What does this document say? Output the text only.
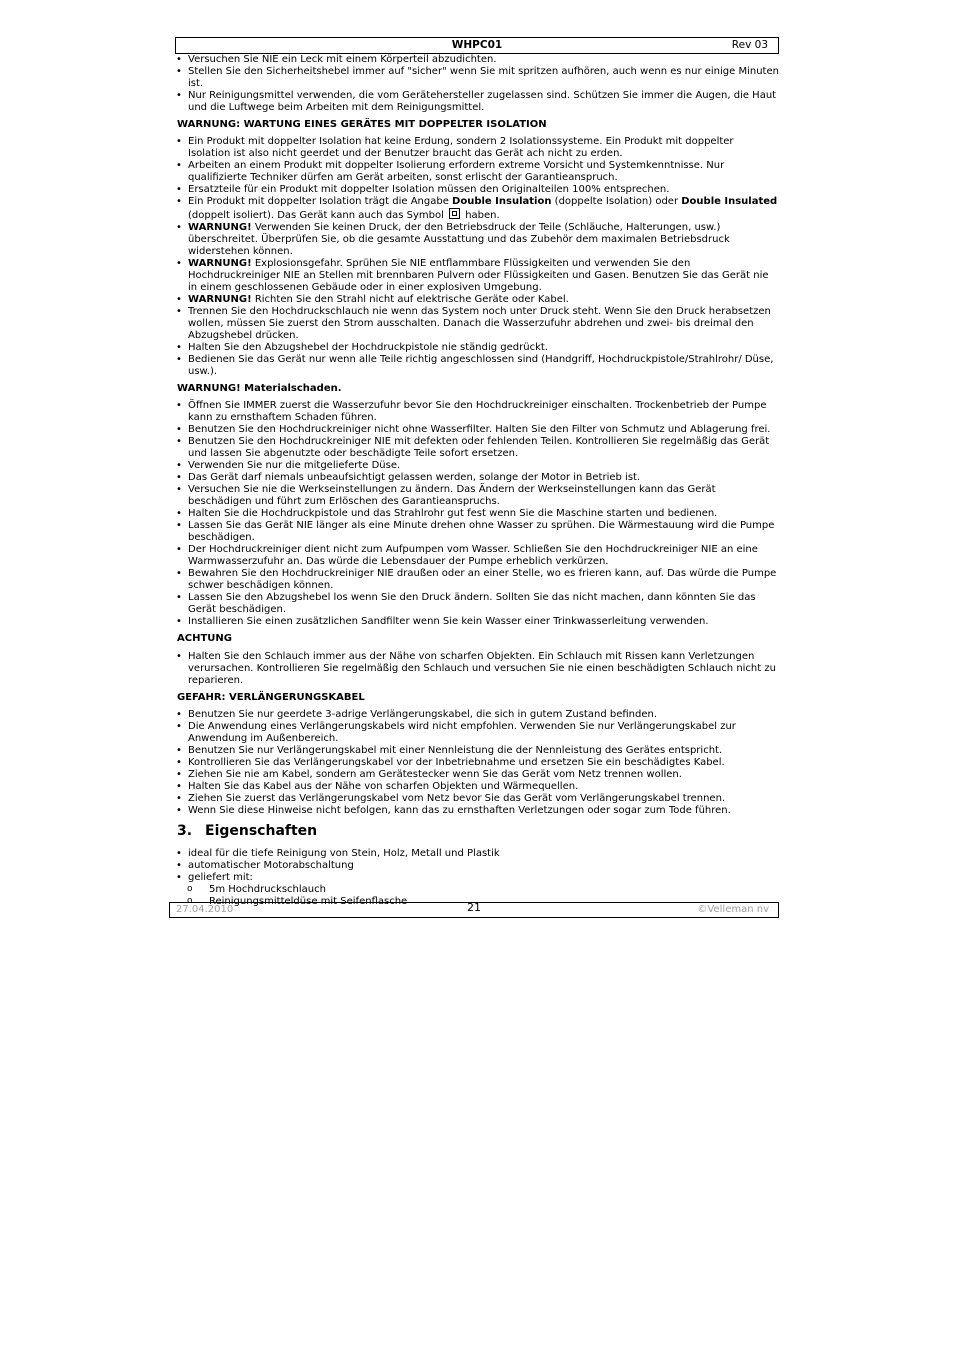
WHPC01	Rev 03
• Versuchen Sie NIE ein Leck mit einem Körperteil abzudichten.
• Stellen Sie den Sicherheitshebel immer auf "sicher" wenn Sie mit spritzen aufhören, auch wenn es nur einige Minuten ist.
• Nur Reinigungsmittel verwenden, die vom Gerätehersteller zugelassen sind. Schützen Sie immer die Augen, die Haut und die Luftwege beim Arbeiten mit dem Reinigungsmittel.
WARNUNG: WARTUNG EINES GERÄTES MIT DOPPELTER ISOLATION
• Ein Produkt mit doppelter Isolation hat keine Erdung, sondern 2 Isolationssysteme. Ein Produkt mit doppelter Isolation ist also nicht geerdet und der Benutzer braucht das Gerät ach nicht zu erden.
• Arbeiten an einem Produkt mit doppelter Isolierung erfordern extreme Vorsicht und Systemkenntnisse. Nur qualifizierte Techniker dürfen am Gerät arbeiten, sonst erlischt der Garantieanspruch.
• Ersatzteile für ein Produkt mit doppelter Isolation müssen den Originalteilen 100% entsprechen.
• Ein Produkt mit doppelter Isolation trägt die Angabe Double Insulation (doppelte Isolation) oder Double Insulated (doppelt isoliert). Das Gerät kann auch das Symbol  haben.
• WARNUNG! Verwenden Sie keinen Druck, der den Betriebsdruck der Teile (Schläuche, Halterungen, usw.) überschreitet. Überprüfen Sie, ob die gesamte Ausstattung und das Zubehör dem maximalen Betriebsdruck widerstehen können.
• WARNUNG! Explosionsgefahr. Sprühen Sie NIE entflammbare Flüssigkeiten und verwenden Sie den Hochdruckreiniger NIE an Stellen mit brennbaren Pulvern oder Flüssigkeiten und Gasen. Benutzen Sie das Gerät nie in einem geschlossenen Gebäude oder in einer explosiven Umgebung.
• WARNUNG! Richten Sie den Strahl nicht auf elektrische Geräte oder Kabel.
• Trennen Sie den Hochdruckschlauch nie wenn das System noch unter Druck steht. Wenn Sie den Druck herabsetzen wollen, müssen Sie zuerst den Strom ausschalten. Danach die Wasserzufuhr abdrehen und zwei- bis dreimal den Abzugshebel drücken.
• Halten Sie den Abzugshebel der Hochdruckpistole nie ständig gedrückt.
• Bedienen Sie das Gerät nur wenn alle Teile richtig angeschlossen sind (Handgriff, Hochdruckpistole/Strahlrohr/ Düse, usw.).
WARNUNG! Materialschaden.
• Öffnen Sie IMMER zuerst die Wasserzufuhr bevor Sie den Hochdruckreiniger einschalten. Trockenbetrieb der Pumpe kann zu ernsthaftem Schaden führen.
• Benutzen Sie den Hochdruckreiniger nicht ohne Wasserfilter. Halten Sie den Filter von Schmutz und Ablagerung frei.
• Benutzen Sie den Hochdruckreiniger NIE mit defekten oder fehlenden Teilen. Kontrollieren Sie regelmäßig das Gerät und lassen Sie abgenutzte oder beschädigte Teile sofort ersetzen.
• Verwenden Sie nur die mitgelieferte Düse.
• Das Gerät darf niemals unbeaufsichtigt gelassen werden, solange der Motor in Betrieb ist.
• Versuchen Sie nie die Werkseinstellungen zu ändern. Das Ändern der Werkseinstellungen kann das Gerät beschädigen und führt zum Erlöschen des Garantieanspruchs.
• Halten Sie die Hochdruckpistole und das Strahlrohr gut fest wenn Sie die Maschine starten und bedienen.
• Lassen Sie das Gerät NIE länger als eine Minute drehen ohne Wasser zu sprühen. Die Wärmestauung wird die Pumpe beschädigen.
• Der Hochdruckreiniger dient nicht zum Aufpumpen vom Wasser. Schließen Sie den Hochdruckreiniger NIE an eine Warmwasserzufuhr an. Das würde die Lebensdauer der Pumpe erheblich verkürzen.
• Bewahren Sie den Hochdruckreiniger NIE draußen oder an einer Stelle, wo es frieren kann, auf. Das würde die Pumpe schwer beschädigen können.
• Lassen Sie den Abzugshebel los wenn Sie den Druck ändern. Sollten Sie das nicht machen, dann könnten Sie das Gerät beschädigen.
• Installieren Sie einen zusätzlichen Sandfilter wenn Sie kein Wasser einer Trinkwasserleitung verwenden.
ACHTUNG
• Halten Sie den Schlauch immer aus der Nähe von scharfen Objekten. Ein Schlauch mit Rissen kann Verletzungen verursachen. Kontrollieren Sie regelmäßig den Schlauch und versuchen Sie nie einen beschädigten Schlauch nicht zu reparieren.
GEFAHR: VERLÄNGERUNGSKABEL
• Benutzen Sie nur geerdete 3-adrige Verlängerungskabel, die sich in gutem Zustand befinden.
• Die Anwendung eines Verlängerungskabels wird nicht empfohlen. Verwenden Sie nur Verlängerungskabel zur Anwendung im Außenbereich.
• Benutzen Sie nur Verlängerungskabel mit einer Nennleistung die der Nennleistung des Gerätes entspricht.
• Kontrollieren Sie das Verlängerungskabel vor der Inbetriebnahme und ersetzen Sie ein beschädigtes Kabel.
• Ziehen Sie nie am Kabel, sondern am Gerätestecker wenn Sie das Gerät vom Netz trennen wollen.
• Halten Sie das Kabel aus der Nähe von scharfen Objekten und Wärmequellen.
• Ziehen Sie zuerst das Verlängerungskabel vom Netz bevor Sie das Gerät vom Verlängerungskabel trennen.
• Wenn Sie diese Hinweise nicht befolgen, kann das zu ernsthaften Verletzungen oder sogar zum Tode führen.
3. Eigenschaften
• ideal für die tiefe Reinigung von Stein, Holz, Metall und Plastik
• automatischer Motorabschaltung
• geliefert mit:
o 5m Hochdruckschlauch
o Reinigungsmitteldüse mit Seifenflasche
27.04.2010	21	©Velleman nv
